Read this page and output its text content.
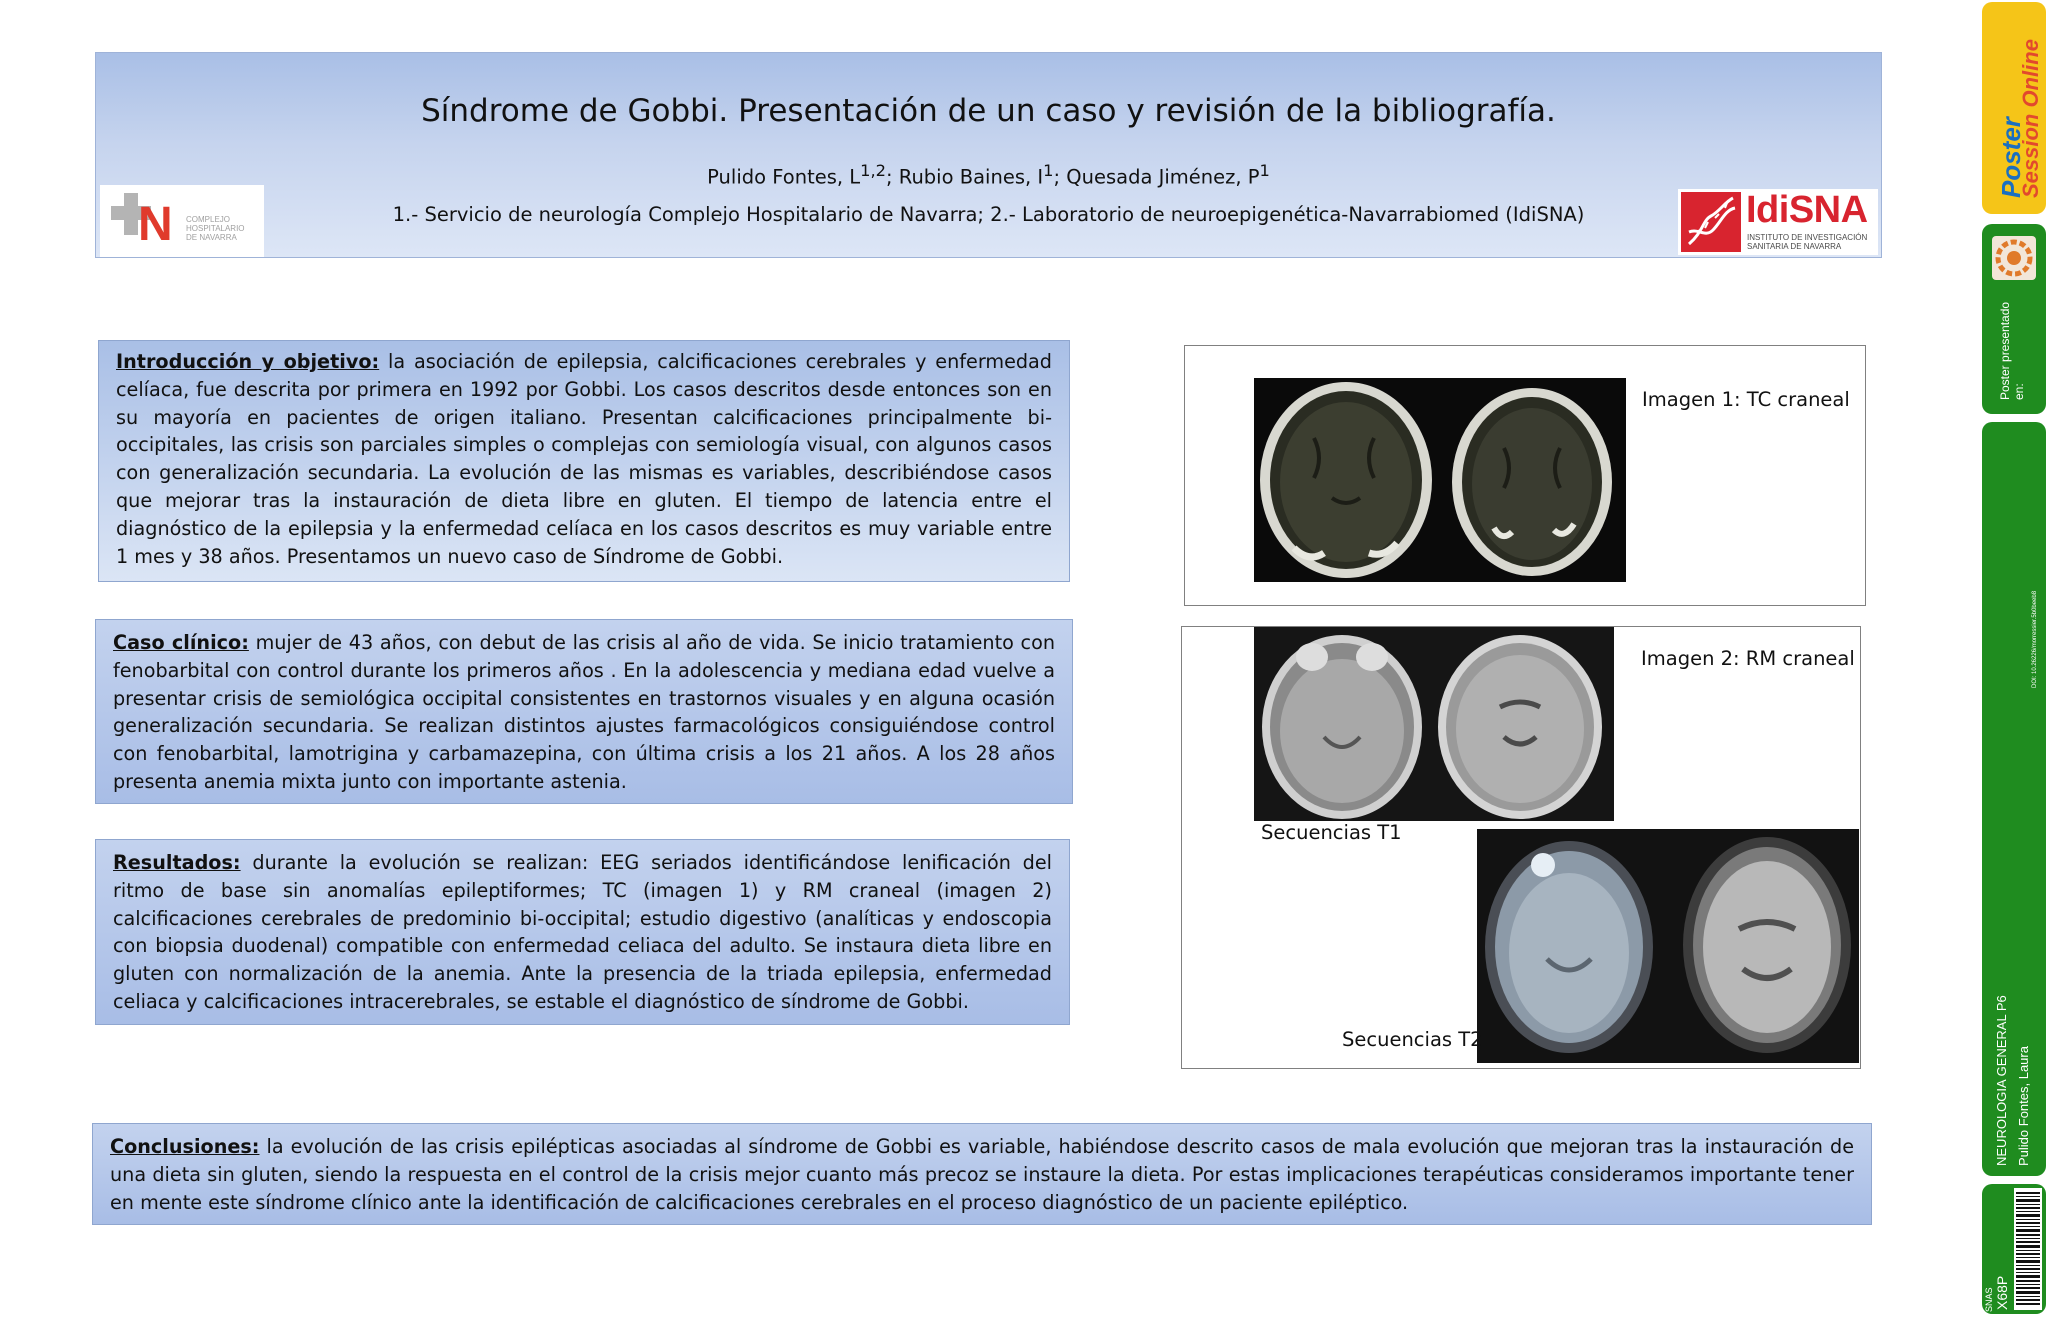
Síndrome de Gobbi. Presentación de un caso y revisión de la bibliografía.
Pulido Fontes, L$^{1,2}$; Rubio Baines, $I^1$; Quesada Jiménez, $P^1$
1.- Servicio de neurología Complejo Hospitalario de Navarra; 2.- Laboratorio de neuroepigenética-Navarrabiomed (IdiSNA)
N COMPLEJO
HOSPITALARIO
DE NAVARRA
IdiSNA
INSTITUTO DE INVESTIGACIÓN
SANITARIA DE NAVARRA
Introducción y objetivo: la asociación de epilepsia, calcificaciones cerebrales y enfermedad celíaca, fue descrita por primera en 1992 por Gobbi. Los casos descritos desde entonces son en su mayoría en pacientes de origen italiano. Presentan calcificaciones principalmente bi-occipitales, las crisis son parciales simples o complejas con semiología visual, con algunos casos con generalización secundaria. La evolución de las mismas es variables, describiéndose casos que mejorar tras la instauración de dieta libre en gluten. El tiempo de latencia entre el diagnóstico de la epilepsia y la enfermedad celíaca en los casos descritos es muy variable entre 1 mes y 38 años. Presentamos un nuevo caso de Síndrome de Gobbi.
Caso clínico: mujer de 43 años, con debut de las crisis al año de vida. Se inicio tratamiento con fenobarbital con control durante los primeros años . En la adolescencia y mediana edad vuelve a presentar crisis de semiológica occipital consistentes en trastornos visuales y en alguna ocasión generalización secundaria. Se realizan distintos ajustes farmacológicos consiguiéndose control con fenobarbital, lamotrigina y carbamazepina, con última crisis a los 21 años. A los 28 años presenta anemia mixta junto con importante astenia.
Resultados: durante la evolución se realizan: EEG seriados identificándose lenificación del ritmo de base sin anomalías epileptiformes; TC (imagen 1) y RM craneal (imagen 2) calcificaciones cerebrales de predominio bi-occipital; estudio digestivo (analíticas y endoscopia con biopsia duodenal) compatible con enfermedad celiaca del adulto. Se instaura dieta libre en gluten con normalización de la anemia. Ante la presencia de la triada epilepsia, enfermedad celiaca y calcificaciones intracerebrales, se estable el diagnóstico de síndrome de Gobbi.
Conclusiones: la evolución de las crisis epilépticas asociadas al síndrome de Gobbi es variable, habiéndose descrito casos de mala evolución que mejoran tras la instauración de una dieta sin gluten, siendo la respuesta en el control de la crisis mejor cuanto más precoz se instaure la dieta. Por estas implicaciones terapéuticas consideramos importante tener en mente este síndrome clínico ante la identificación de calcificaciones cerebrales en el proceso diagnóstico de un paciente epiléptico.
Imagen 1: TC craneal
Imagen 2: RM craneal
Secuencias T1
Secuencias T2
Poster
Session Online
Poster presentado en:
DOI: 10.26226/morressier.5b0beeb8
NEUROLOGIA GENERAL P6 Pulido Fontes, Laura
X68P
SNAS
